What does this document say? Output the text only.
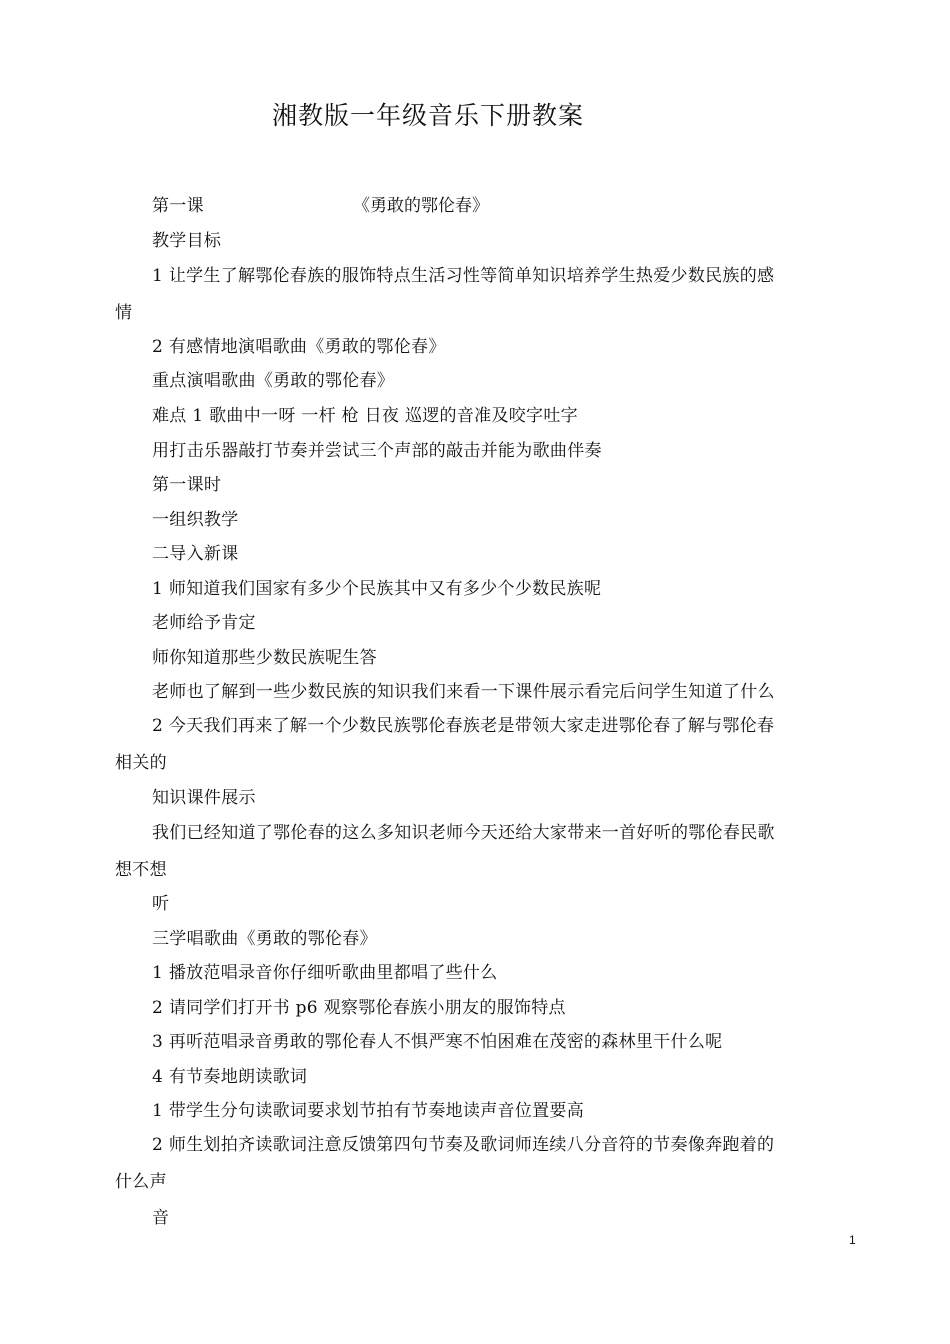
湘教版一年级音乐下册教案
第一课	《勇敢的鄂伦春》
教学目标
1 让学生了解鄂伦春族的服饰特点生活习性等简单知识培养学生热爱少数民族的感
情
2 有感情地演唱歌曲《勇敢的鄂伦春》
重点演唱歌曲《勇敢的鄂伦春》
难点 1 歌曲中一呀 一杆 枪 日夜 巡逻的音准及咬字吐字
用打击乐器敲打节奏并尝试三个声部的敲击并能为歌曲伴奏
第一课时
一组织教学
二导入新课
1 师知道我们国家有多少个民族其中又有多少个少数民族呢
老师给予肯定
师你知道那些少数民族呢生答
老师也了解到一些少数民族的知识我们来看一下课件展示看完后问学生知道了什么
2 今天我们再来了解一个少数民族鄂伦春族老是带领大家走进鄂伦春了解与鄂伦春
相关的
知识课件展示
我们已经知道了鄂伦春的这么多知识老师今天还给大家带来一首好听的鄂伦春民歌
想不想
听
三学唱歌曲《勇敢的鄂伦春》
1 播放范唱录音你仔细听歌曲里都唱了些什么
2 请同学们打开书 p6 观察鄂伦春族小朋友的服饰特点
3 再听范唱录音勇敢的鄂伦春人不惧严寒不怕困难在茂密的森林里干什么呢
4 有节奏地朗读歌词
1 带学生分句读歌词要求划节拍有节奏地读声音位置要高
2 师生划拍齐读歌词注意反馈第四句节奏及歌词师连续八分音符的节奏像奔跑着的
什么声
音
1
